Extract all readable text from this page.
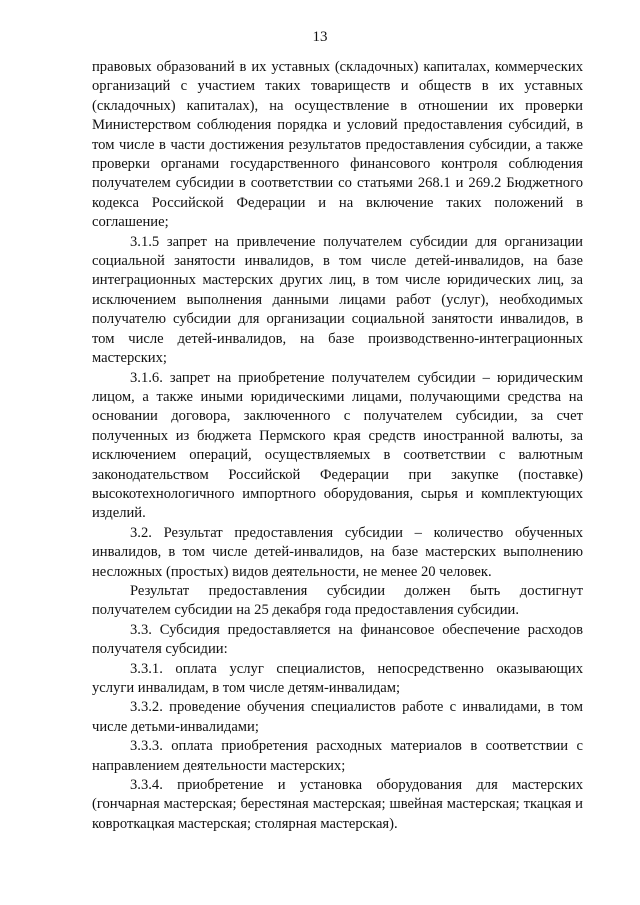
13

правовых образований в их уставных (складочных) капиталах, коммерческих организаций с участием таких товариществ и обществ в их уставных (складочных) капиталах), на осуществление в отношении их проверки Министерством соблюдения порядка и условий предоставления субсидий, в том числе в части достижения результатов предоставления субсидии, а также проверки органами государственного финансового контроля соблюдения получателем субсидии в соответствии со статьями 268.1 и 269.2 Бюджетного кодекса Российской Федерации и на включение таких положений в соглашение;

3.1.5 запрет на привлечение получателем субсидии для организации социальной занятости инвалидов, в том числе детей-инвалидов, на базе интеграционных мастерских других лиц, в том числе юридических лиц, за исключением выполнения данными лицами работ (услуг), необходимых получателю субсидии для организации социальной занятости инвалидов, в том числе детей-инвалидов, на базе производственно-интеграционных мастерских;

3.1.6. запрет на приобретение получателем субсидии – юридическим лицом, а также иными юридическими лицами, получающими средства на основании договора, заключенного с получателем субсидии, за счет полученных из бюджета Пермского края средств иностранной валюты, за исключением операций, осуществляемых в соответствии с валютным законодательством Российской Федерации при закупке (поставке) высокотехнологичного импортного оборудования, сырья и комплектующих изделий.

3.2. Результат предоставления субсидии – количество обученных инвалидов, в том числе детей-инвалидов, на базе мастерских выполнению несложных (простых) видов деятельности, не менее 20 человек.

Результат предоставления субсидии должен быть достигнут получателем субсидии на 25 декабря года предоставления субсидии.

3.3. Субсидия предоставляется на финансовое обеспечение расходов получателя субсидии:

3.3.1. оплата услуг специалистов, непосредственно оказывающих услуги инвалидам, в том числе детям-инвалидам;

3.3.2. проведение обучения специалистов работе с инвалидами, в том числе детьми-инвалидами;

3.3.3. оплата приобретения расходных материалов в соответствии с направлением деятельности мастерских;

3.3.4. приобретение и установка оборудования для мастерских (гончарная мастерская; берестяная мастерская; швейная мастерская; ткацкая и ковроткацкая мастерская; столярная мастерская).
